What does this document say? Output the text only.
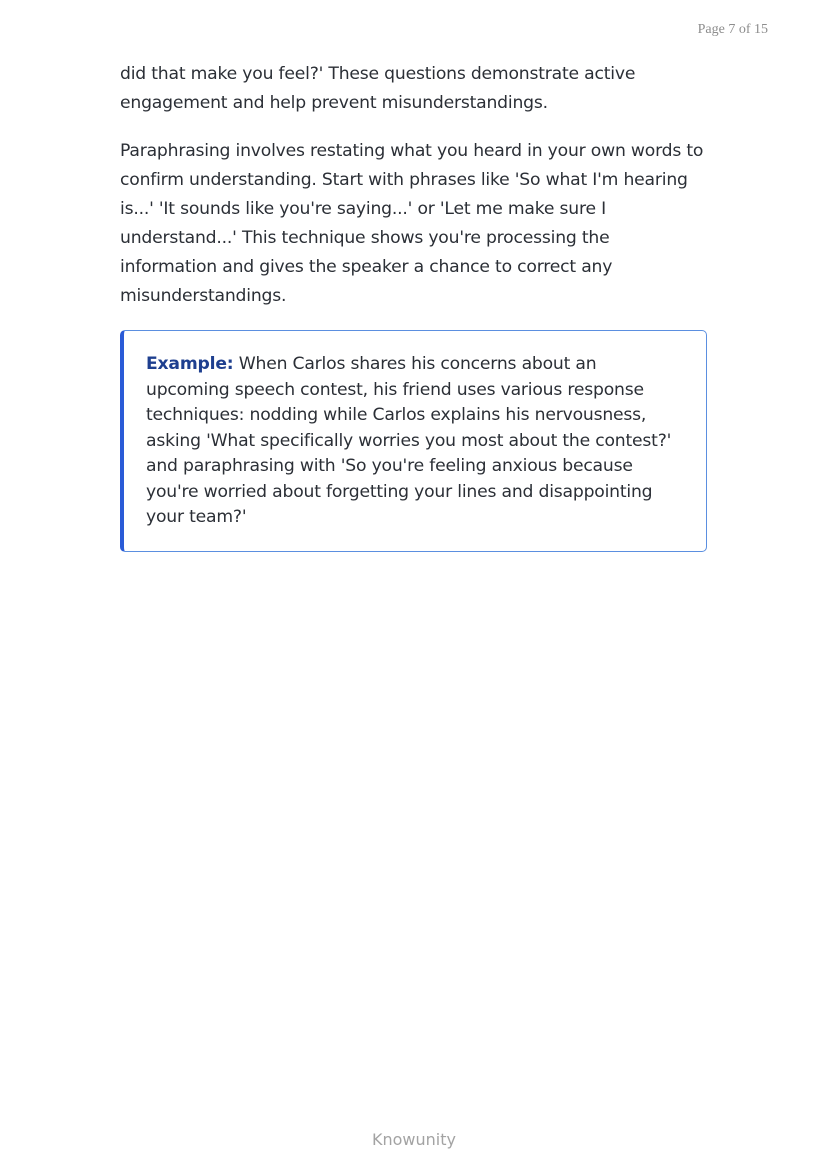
Page 7 of 15

did that make you feel?' These questions demonstrate active engagement and help prevent misunderstandings.

Paraphrasing involves restating what you heard in your own words to confirm understanding. Start with phrases like 'So what I'm hearing is...' 'It sounds like you're saying...' or 'Let me make sure I understand...' This technique shows you're processing the information and gives the speaker a chance to correct any misunderstandings.

Example: When Carlos shares his concerns about an upcoming speech contest, his friend uses various response techniques: nodding while Carlos explains his nervousness, asking 'What specifically worries you most about the contest?' and paraphrasing with 'So you're feeling anxious because you're worried about forgetting your lines and disappointing your team?'

Knowunity
